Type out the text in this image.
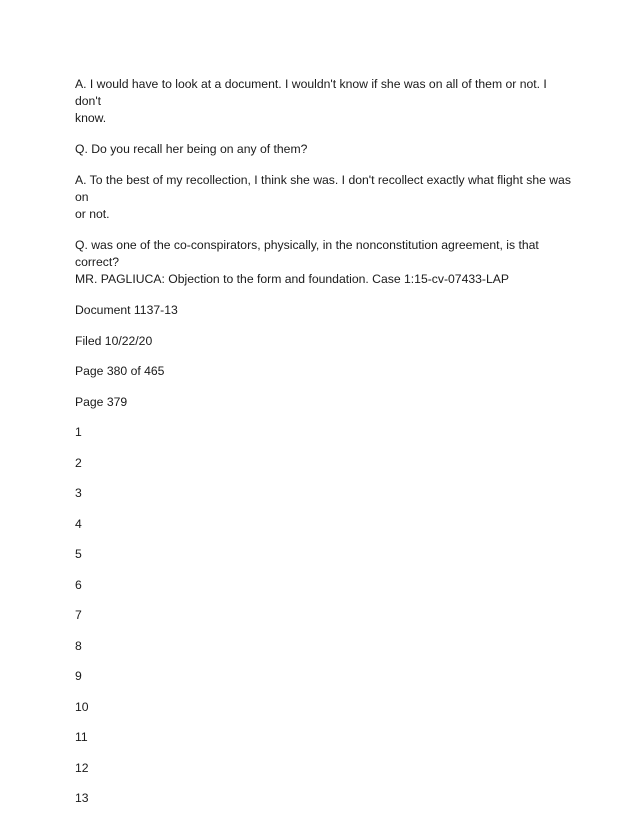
A. I would have to look at a document. I wouldn't know if she was on all of them or not. I don't
know.
Q. Do you recall her being on any of them?
A. To the best of my recollection, I think she was. I don't recollect exactly what flight she was on
or not.
Q. was one of the co-conspirators, physically, in the nonconstitution agreement, is that correct?
MR. PAGLIUCA: Objection to the form and foundation. Case 1:15-cv-07433-LAP

Document 1137-13

Filed 10/22/20

Page 380 of 465

Page 379

1

2

3

4

5

6

7

8

9

10

11

12

13
